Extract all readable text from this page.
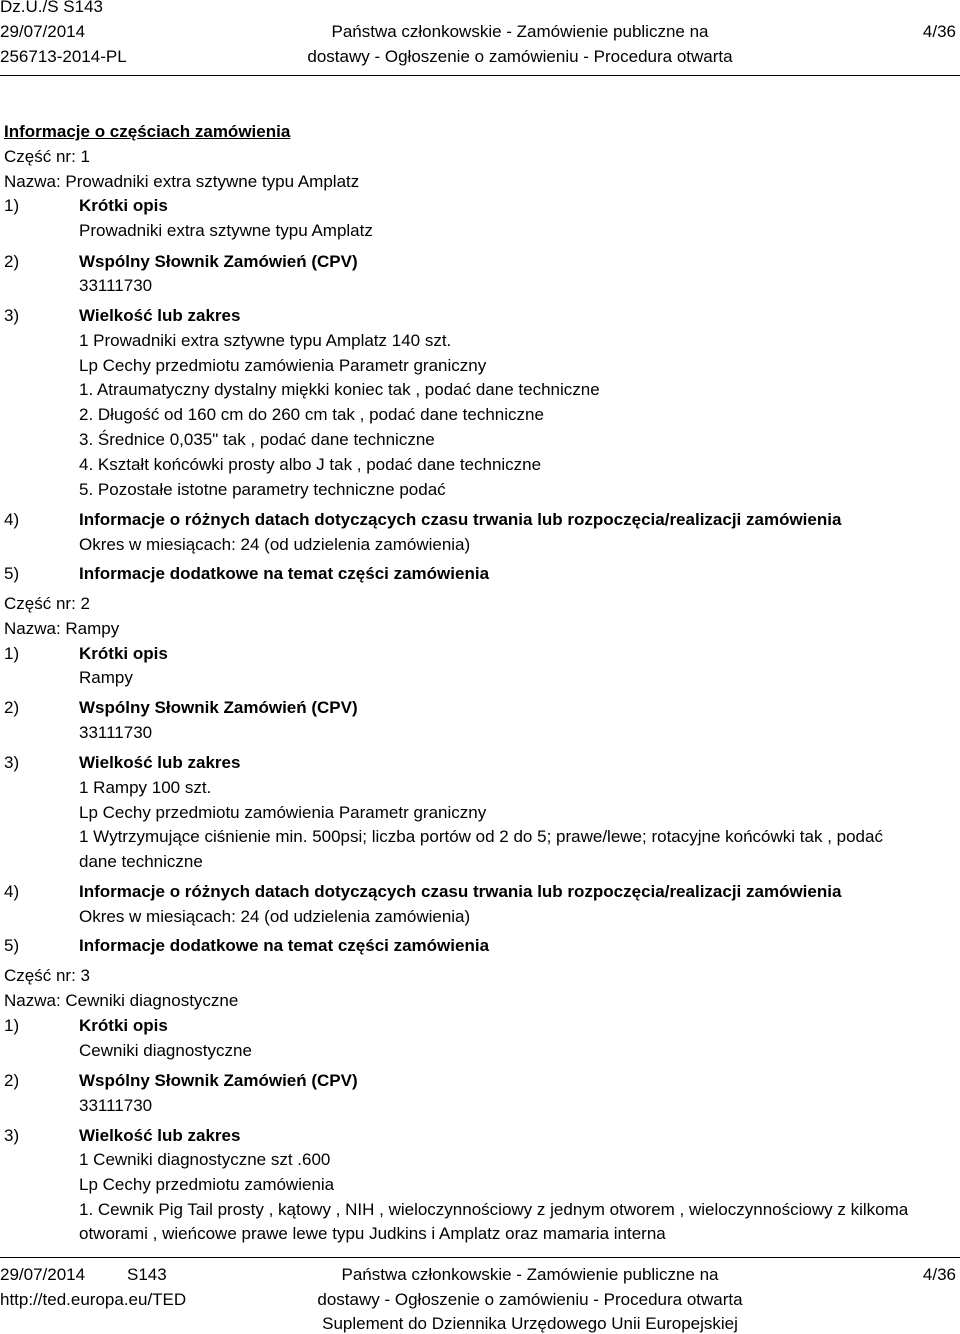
Dz.U./S S143
29/07/2014
256713-2014-PL
Państwa członkowskie - Zamówienie publiczne na
dostawy - Ogłoszenie o zamówieniu - Procedura otwarta
4/36
Informacje o częściach zamówienia
Część nr: 1
Nazwa: Prowadniki extra sztywne typu Amplatz
1)	Krótki opis
Prowadniki extra sztywne typu Amplatz
2)	Wspólny Słownik Zamówień (CPV)
33111730
3)	Wielkość lub zakres
1 Prowadniki extra sztywne typu Amplatz 140 szt.
Lp Cechy przedmiotu zamówienia Parametr graniczny
1. Atraumatyczny dystalny miękki koniec tak , podać dane techniczne
2. Długość od 160 cm do 260 cm tak , podać dane techniczne
3. Średnice 0,035" tak , podać dane techniczne
4. Kształt końcówki prosty albo J tak , podać dane techniczne
5. Pozostałe istotne parametry techniczne podać
4)	Informacje o różnych datach dotyczących czasu trwania lub rozpoczęcia/realizacji zamówienia
Okres w miesiącach: 24 (od udzielenia zamówienia)
5)	Informacje dodatkowe na temat części zamówienia
Część nr: 2
Nazwa: Rampy
1)	Krótki opis
Rampy
2)	Wspólny Słownik Zamówień (CPV)
33111730
3)	Wielkość lub zakres
1 Rampy 100 szt.
Lp Cechy przedmiotu zamówienia Parametr graniczny
1 Wytrzymujące ciśnienie min. 500psi; liczba portów od 2 do 5; prawe/lewe; rotacyjne końcówki tak , podać
dane techniczne
4)	Informacje o różnych datach dotyczących czasu trwania lub rozpoczęcia/realizacji zamówienia
Okres w miesiącach: 24 (od udzielenia zamówienia)
5)	Informacje dodatkowe na temat części zamówienia
Część nr: 3
Nazwa: Cewniki diagnostyczne
1)	Krótki opis
Cewniki diagnostyczne
2)	Wspólny Słownik Zamówień (CPV)
33111730
3)	Wielkość lub zakres
1 Cewniki diagnostyczne szt .600
Lp Cechy przedmiotu zamówienia
1. Cewnik Pig Tail prosty , kątowy , NIH , wieloczynnościowy z jednym otworem , wieloczynnościowy z kilkoma
otworami , wieńcowe prawe lewe typu Judkins i Amplatz oraz mamaria interna
29/07/2014 S143
http://ted.europa.eu/TED
Państwa członkowskie - Zamówienie publiczne na
dostawy - Ogłoszenie o zamówieniu - Procedura otwarta
Suplement do Dziennika Urzędowego Unii Europejskiej
4/36
